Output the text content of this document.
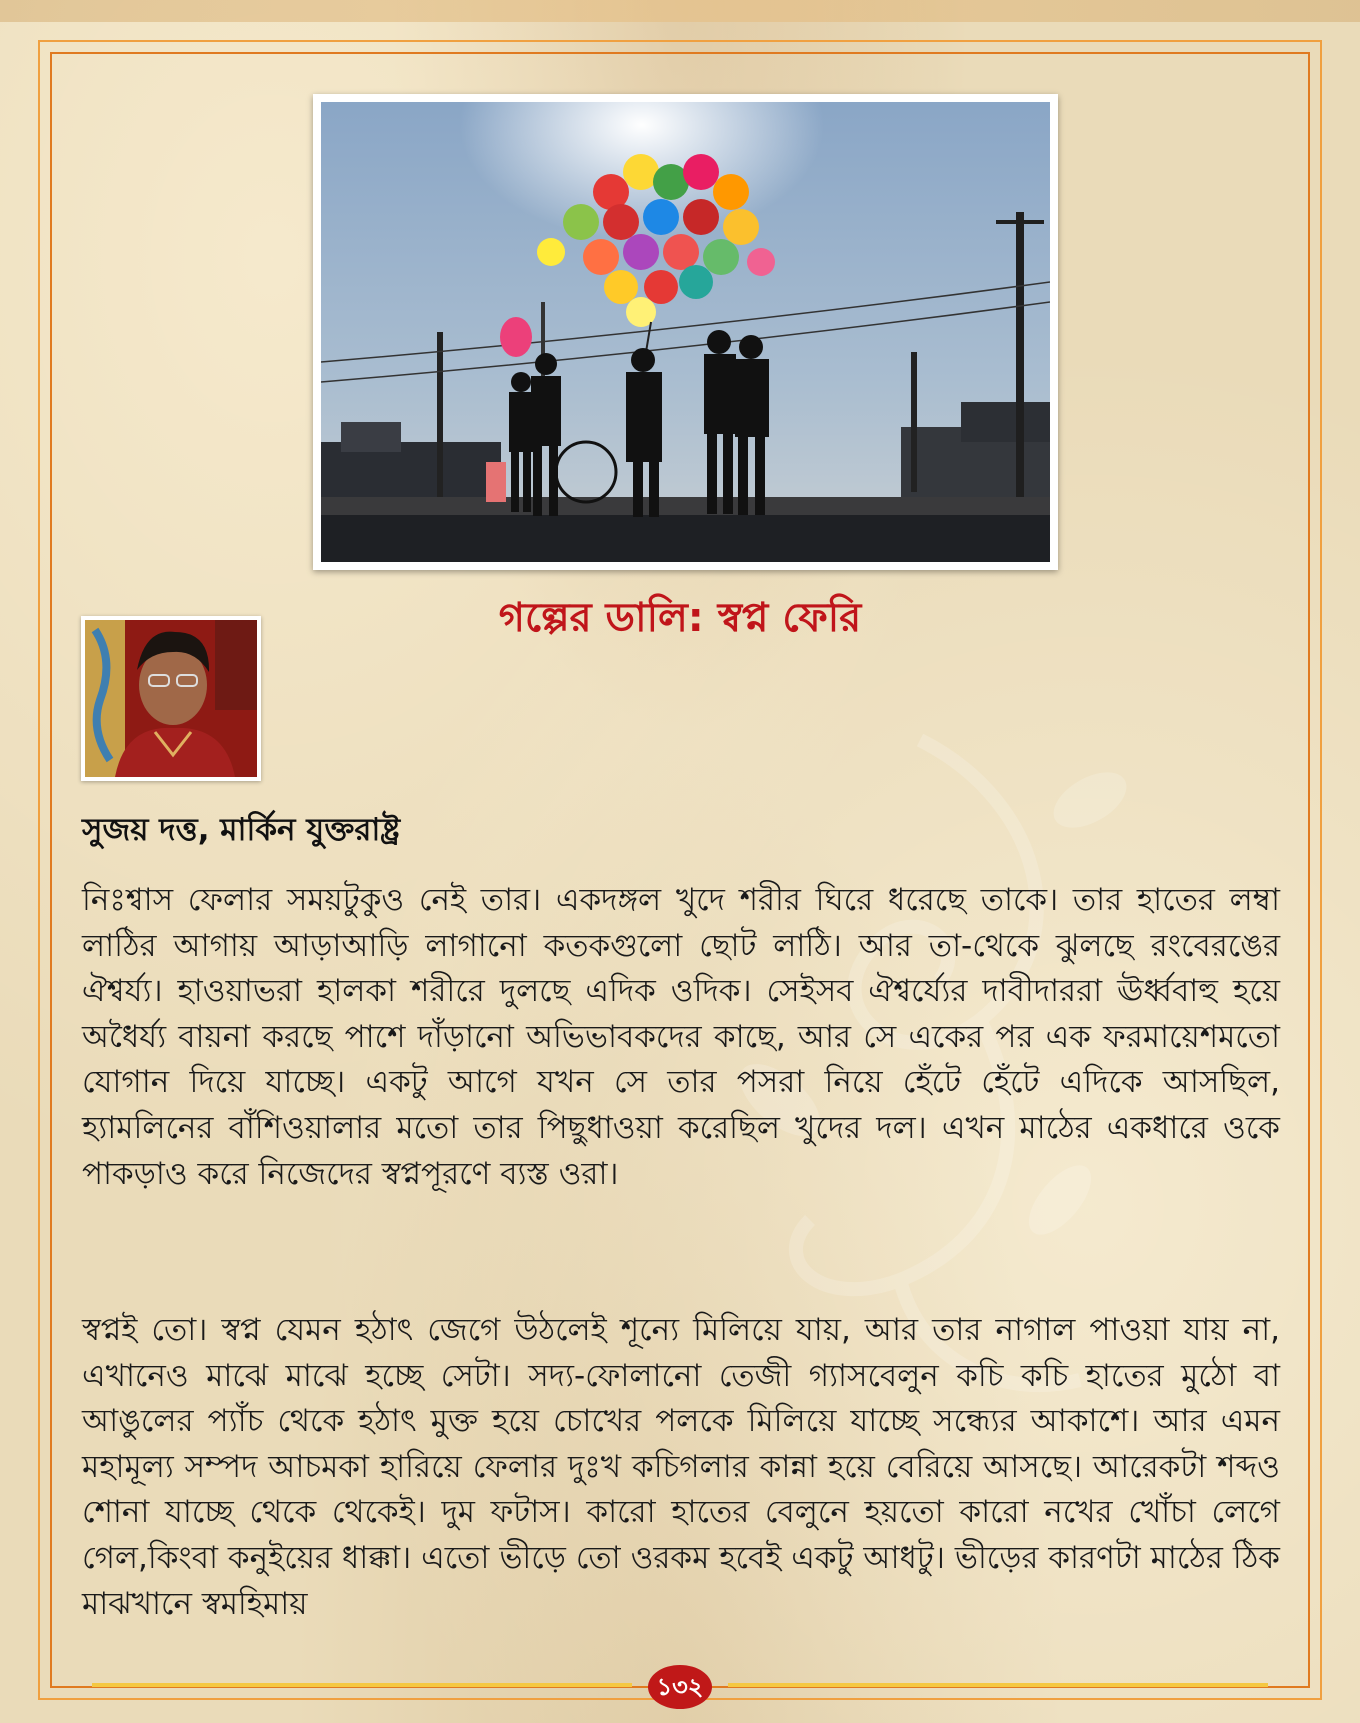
গল্পের ডালি: স্বপ্ন ফেরি
সুজয় দত্ত, মার্কিন যুক্তরাষ্ট্র

নিঃশ্বাস ফেলার সময়টুকুও নেই তার। একদঙ্গল খুদে শরীর ঘিরে ধরেছে তাকে। তার হাতের লম্বা লাঠির আগায় আড়াআড়ি লাগানো কতকগুলো ছোট লাঠি। আর তা-থেকে ঝুলছে রংবেরঙের ঐশ্বর্য্য। হাওয়াভরা হালকা শরীরে দুলছে এদিক ওদিক। সেইসব ঐশ্বর্য্যের দাবীদাররা ঊর্ধ্ববাহু হয়ে অধৈর্য্য বায়না করছে পাশে দাঁড়ানো অভিভাবকদের কাছে, আর সে একের পর এক ফরমায়েশমতো যোগান দিয়ে যাচ্ছে। একটু আগে যখন সে তার পসরা নিয়ে হেঁটে হেঁটে এদিকে আসছিল, হ্যামলিনের বাঁশিওয়ালার মতো তার পিছুধাওয়া করেছিল খুদের দল। এখন মাঠের একধারে ওকে পাকড়াও করে নিজেদের স্বপ্নপূরণে ব্যস্ত ওরা।

স্বপ্নই তো। স্বপ্ন যেমন হঠাৎ জেগে উঠলেই শূন্যে মিলিয়ে যায়, আর তার নাগাল পাওয়া যায় না, এখানেও মাঝে মাঝে হচ্ছে সেটা। সদ্য-ফোলানো তেজী গ্যাসবেলুন কচি কচি হাতের মুঠো বা আঙুলের প্যাঁচ থেকে হঠাৎ মুক্ত হয়ে চোখের পলকে মিলিয়ে যাচ্ছে সন্ধ্যের আকাশে। আর এমন মহামূল্য সম্পদ আচমকা হারিয়ে ফেলার দুঃখ কচিগলার কান্না হয়ে বেরিয়ে আসছে। আরেকটা শব্দও শোনা যাচ্ছে থেকে থেকেই। দুম ফটাস। কারো হাতের বেলুনে হয়তো কারো নখের খোঁচা লেগে গেল,কিংবা কনুইয়ের ধাক্কা। এতো ভীড়ে তো ওরকম হবেই একটু আধটু। ভীড়ের কারণটা মাঠের ঠিক মাঝখানে স্বমহিমায়

১৩২
